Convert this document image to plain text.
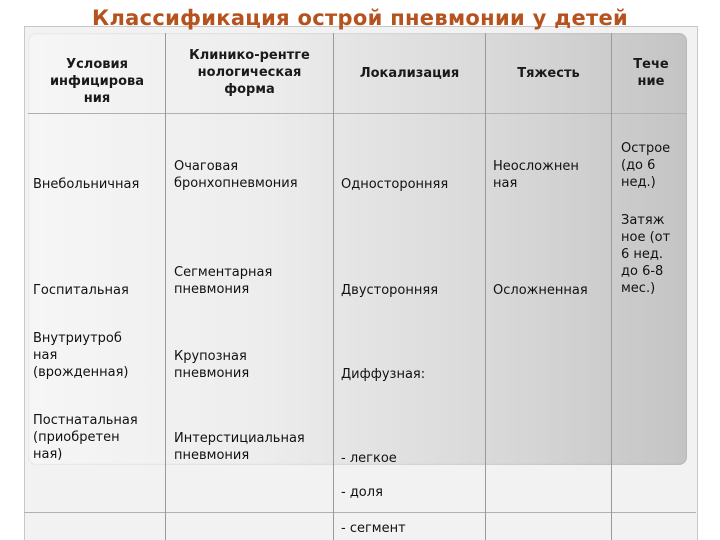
Классификация острой пневмонии у детей
Условия
инфицирова
ния
Клинико-рентге
нологическая
форма
Локализация	Тяжесть
Тече
ние
Внебольничная
Госпитальная
Внутриутроб
ная
(врожденная)
Постнатальная
(приобретен
ная)
Очаговая
бронхопневмония
Сегментарная
пневмония
Крупозная
пневмония
Интерстициальная
пневмония
Односторонняя
Двусторонняя
Диффузная:
- легкое
- доля
- сегмент
Неосложнен
ная
Осложненная
Острое
(до 6
нед.)
Затяж
ное (от
6 нед.
до 6-8
мес.)
